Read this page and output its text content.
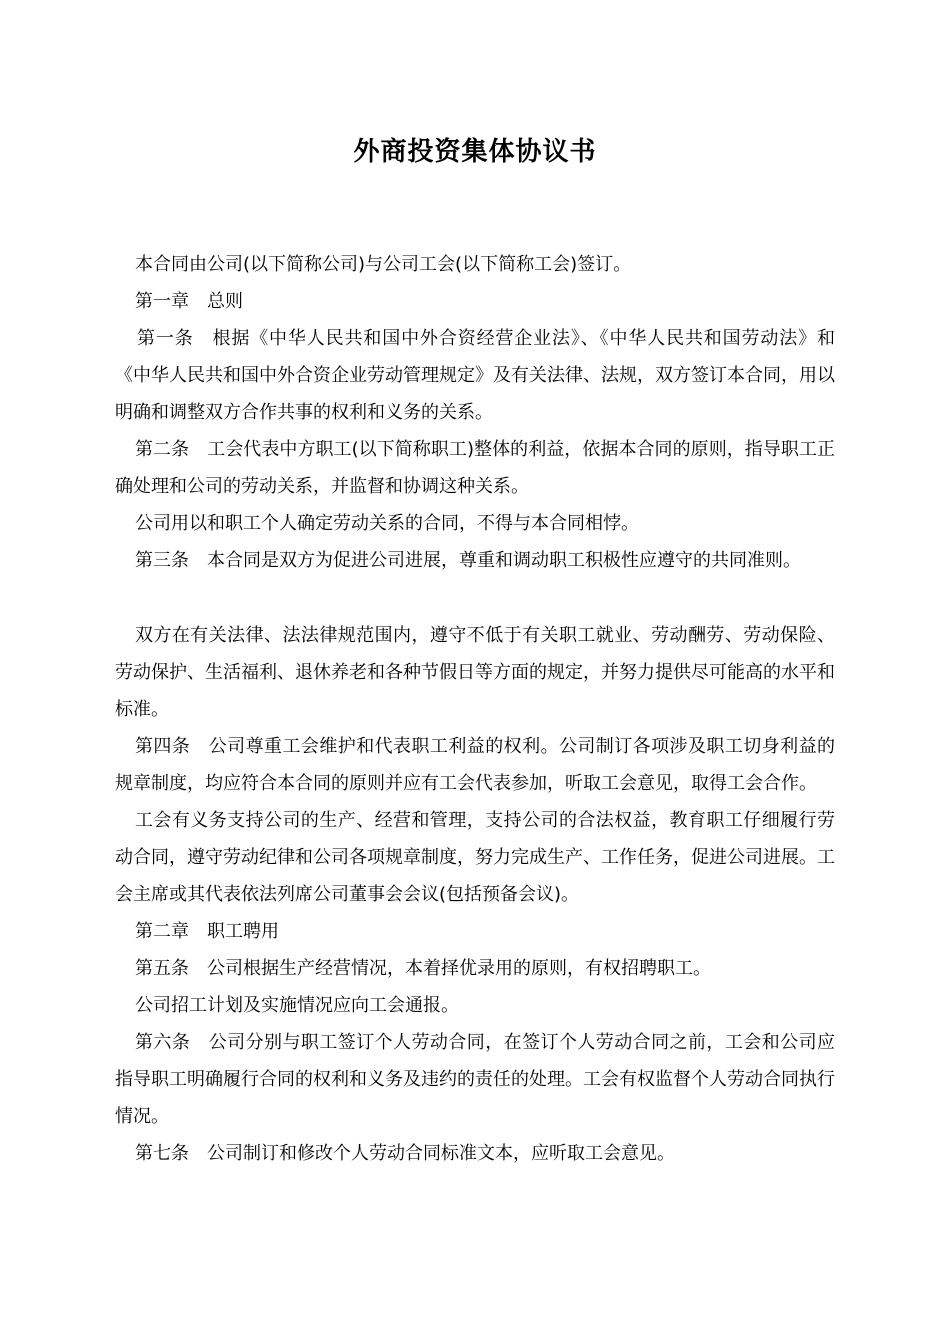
外商投资集体协议书

本合同由公司(以下简称公司)与公司工会(以下简称工会)签订。

第一章　总则

第一条　根据《中华人民共和国中外合资经营企业法》、《中华人民共和国劳动法》和《中华人民共和国中外合资企业劳动管理规定》及有关法律、法规，双方签订本合同，用以明确和调整双方合作共事的权利和义务的关系。

第二条　工会代表中方职工(以下简称职工)整体的利益，依据本合同的原则，指导职工正确处理和公司的劳动关系，并监督和协调这种关系。

公司用以和职工个人确定劳动关系的合同，不得与本合同相悖。

第三条　本合同是双方为促进公司进展，尊重和调动职工积极性应遵守的共同准则。

双方在有关法律、法法律规范围内，遵守不低于有关职工就业、劳动酬劳、劳动保险、劳动保护、生活福利、退休养老和各种节假日等方面的规定，并努力提供尽可能高的水平和标准。

第四条　公司尊重工会维护和代表职工利益的权利。公司制订各项涉及职工切身利益的规章制度，均应符合本合同的原则并应有工会代表参加，听取工会意见，取得工会合作。

工会有义务支持公司的生产、经营和管理，支持公司的合法权益，教育职工仔细履行劳动合同，遵守劳动纪律和公司各项规章制度，努力完成生产、工作任务，促进公司进展。工会主席或其代表依法列席公司董事会会议(包括预备会议)。

第二章　职工聘用

第五条　公司根据生产经营情况，本着择优录用的原则，有权招聘职工。

公司招工计划及实施情况应向工会通报。

第六条　公司分别与职工签订个人劳动合同，在签订个人劳动合同之前，工会和公司应指导职工明确履行合同的权利和义务及违约的责任的处理。工会有权监督个人劳动合同执行情况。

第七条　公司制订和修改个人劳动合同标准文本，应听取工会意见。
